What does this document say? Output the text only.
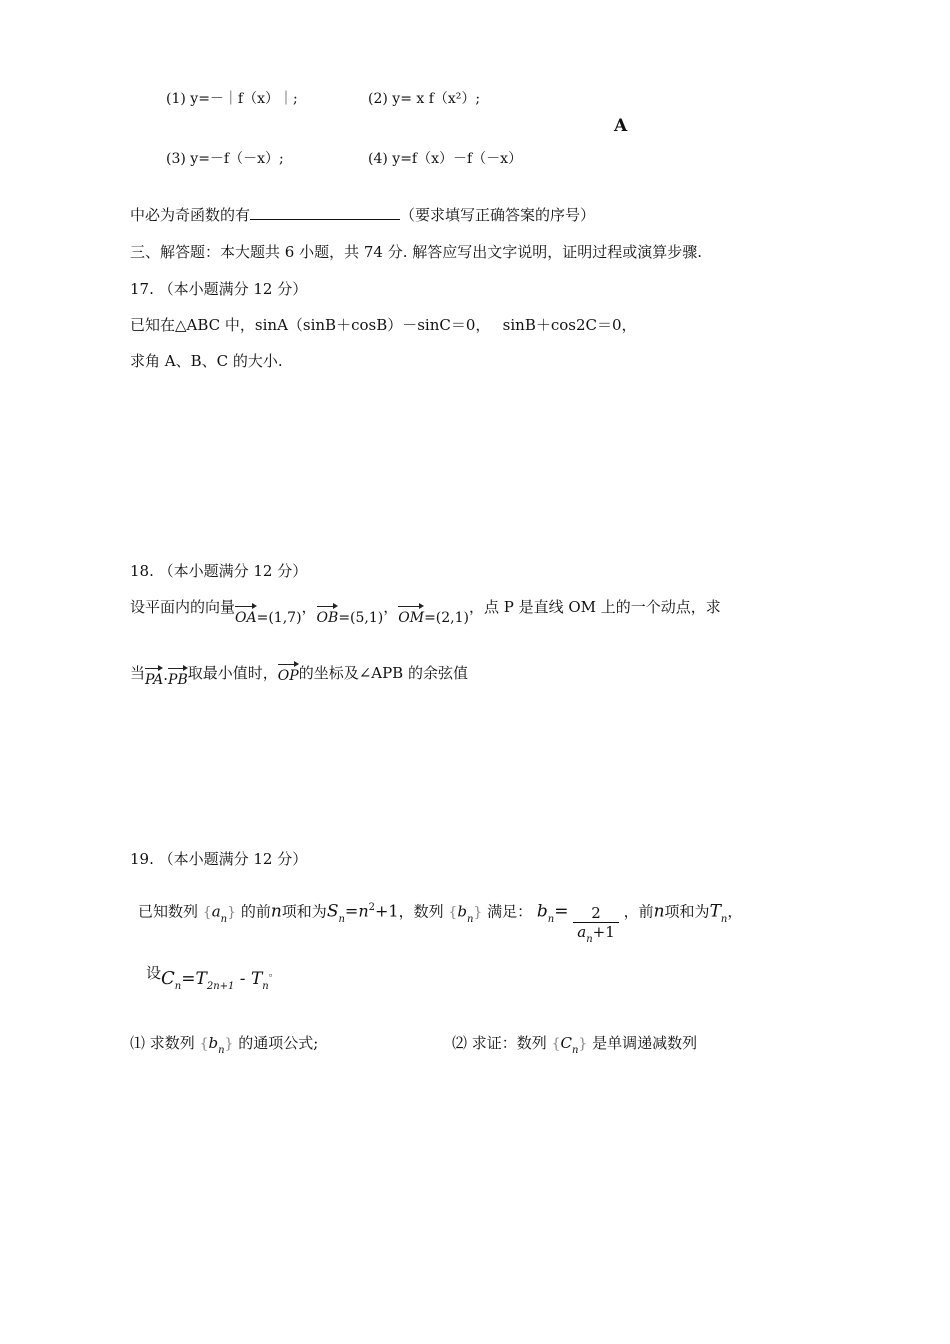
(1) y=－｜f（x）｜;	(2) y= x f（x²）;
A
(3) y=－f（－x）;	(4) y=f（x）－f（－x）
中必为奇函数的有	（要求填写正确答案的序号）
三、解答题：本大题共 6 小题，共 74 分. 解答应写出文字说明，证明过程或演算步骤.
17. （本小题满分 12 分）
已知在△ABC 中，sinA（sinB＋cosB）－sinC＝0，　 sinB＋cos2C＝0，
求角 A、B、C 的大小.
18. （本小题满分 12 分）
设平面内的向量OA=(1,7)，OB=(5,1)，OM=(2,1)，点 P 是直线 OM 上的一个动点，求
当PA·PB取最小值时，OP的坐标及∠APB 的余弦值
19. （本小题满分 12 分）
已知数列 $\{a_n\}$ 的前n项和为$S_n=n^2+1$，数列 $\{b_n\}$ 满足： $b_n= \frac{2}{a_n+1}$ ，前n项和为$T_n$，
设$C_n=T_{2n+1} - T_n^。$
⑴ 求数列 $\{b_n\}$ 的通项公式;	⑵ 求证：数列 $\{C_n\}$ 是单调递减数列
